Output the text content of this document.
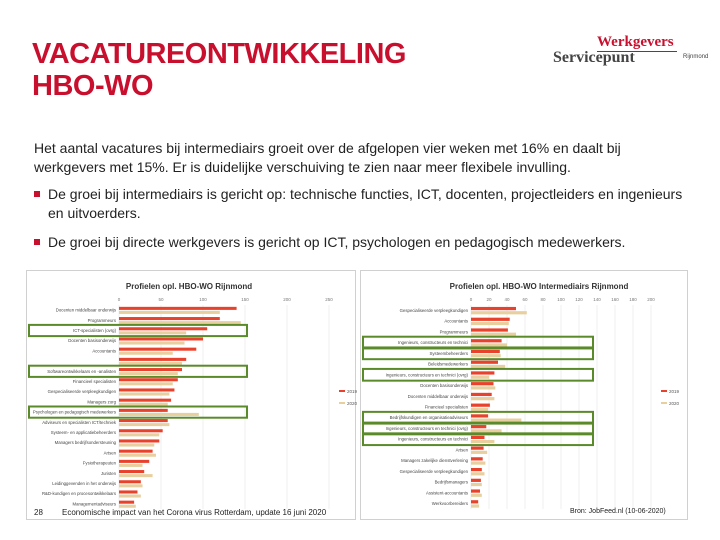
VACATUREONTWIKKELING
HBO-WO
Werkgevers
Servicepunt	Rijnmond
Het aantal vacatures bij intermediairs groeit over de afgelopen vier weken met 16% en daalt bij werkgevers met 15%. Er is duidelijke verschuiving te zien naar meer flexibele invulling.
De groei bij intermediairs is gericht op: technische functies, ICT, docenten, projectleiders en ingenieurs en uitvoerders.
De groei bij directe werkgevers is gericht op ICT, psychologen en pedagogisch medewerkers.
Profielen opl. HBO-WO Rijnmond
0	50	100	150	200	250
Docenten middelbaar onderwijs
Programmeurs
ICT-specialisten (ovrg)
Docenten basisonderwijs
Accountants
Softwareontwikkelaars en -analisten
Financieel specialisten
Gespecialiseerde verpleegkundigen
Managers zorg
Psychologen en pedagogisch medewerkers
Adviseurs en specialisten ICT/techniek
Systeem- en applicatiebeheerders
Managers bedrijfsondersteuning
Artsen
Fysiotherapeuten
Juristen
Leidinggevenden in het onderwijs
R&D-kundigen en procesontwikkelaars
Managementadviseurs
2019
2020
Profielen opl. HBO-WO Intermediairs Rijnmond
0	20	40	60	80	100 120 140 160 180 200
Gespecialiseerde verpleegkundigen
Accountants
Programmeurs
Ingenieurs, constructeurs en technici
Systeembeheerders
Beleidsmedewerkers
Ingenieurs, constructeurs en technici (ovrg)
Docenten basisonderwijs
Docenten middelbaar onderwijs
Financieel specialisten
Bedrijfskundigen en organisatieadviseurs
Ingenieurs, constructeurs en technici (ovrg)
Ingenieurs, constructeurs en technici
Artsen
Managers zakelijke dienstverlening
Gespecialiseerde verpleegkundigen
Bedrijfsmanagers
Assistent-accountants
Werkvoorbereiders
2019
2020
28 Economische impact van het Corona virus Rotterdam, update 16 juni 2020	Bron: JobFeed.nl (10-06-2020)
